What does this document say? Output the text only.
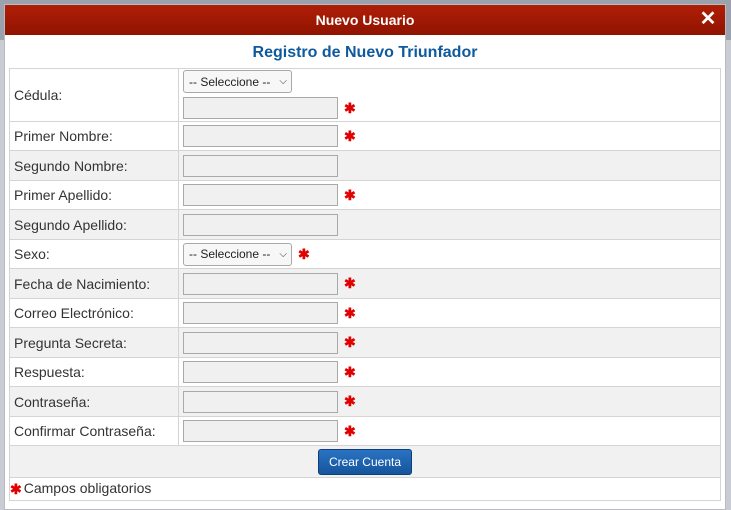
Nuevo Usuario	✕
Registro de Nuevo Triunfador
Cédula:	-- Seleccione -- ⌵
✱

Primer Nombre:	✱
Segundo Nombre:	
Primer Apellido:	✱
Segundo Apellido:	
Sexo:	-- Seleccione -- ⌵ ✱
Fecha de Nacimiento:	✱
Correo Electrónico:	✱
Pregunta Secreta:	✱
Respuesta:	✱
Contraseña:	✱
Confirmar Contraseña:	✱
Crear Cuenta	
✱ Campos obligatorios	
